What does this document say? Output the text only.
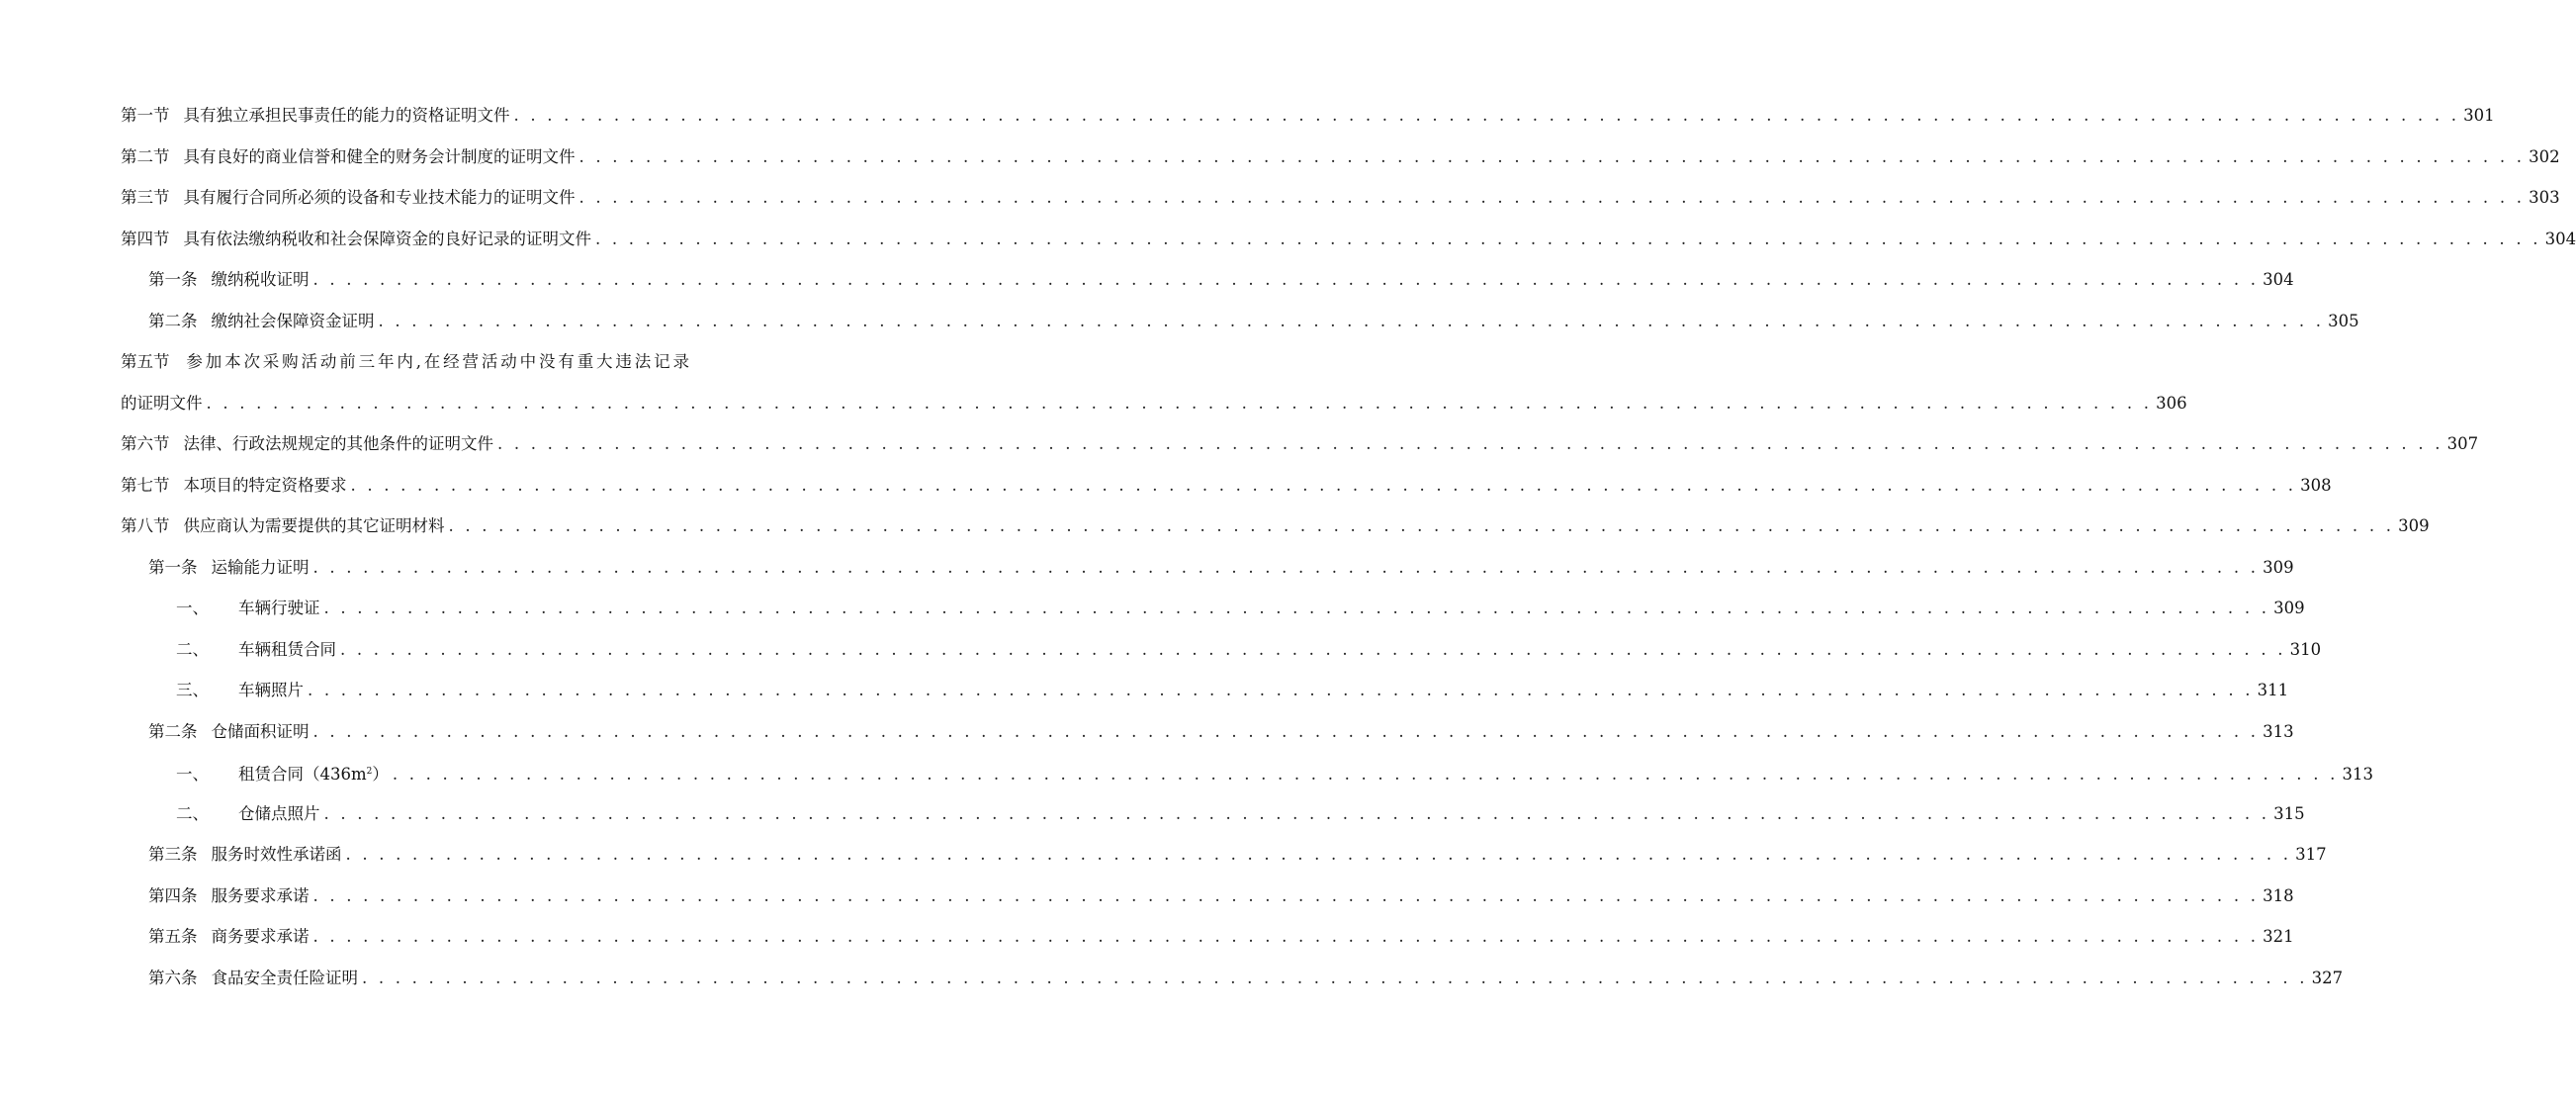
第一节 具有独立承担民事责任的能力的资格证明文件 . . . . . . . . . . . . . . . . . . . . . . . . . . . . . . . . . . . . . . . . . . . . . . . . . . . . . . . . . . . . . . . . . . . . . . . . . . . . . . . . . . . . . . . . . . . . . . . . . . . . . . . . . . . . . . . . . . . . . 301
第二节 具有良好的商业信誉和健全的财务会计制度的证明文件 . . . . . . . . . . . . . . . . . . . . . . . . . . . . . . . . . . . . . . . . . . . . . . . . . . . . . . . . . . . . . . . . . . . . . . . . . . . . . . . . . . . . . . . . . . . . . . . . . . . . . . . . . . . . . . . . . . . . . 302
第三节 具有履行合同所必须的设备和专业技术能力的证明文件 . . . . . . . . . . . . . . . . . . . . . . . . . . . . . . . . . . . . . . . . . . . . . . . . . . . . . . . . . . . . . . . . . . . . . . . . . . . . . . . . . . . . . . . . . . . . . . . . . . . . . . . . . . . . . . . . . . . . . 303
第四节 具有依法缴纳税收和社会保障资金的良好记录的证明文件 . . . . . . . . . . . . . . . . . . . . . . . . . . . . . . . . . . . . . . . . . . . . . . . . . . . . . . . . . . . . . . . . . . . . . . . . . . . . . . . . . . . . . . . . . . . . . . . . . . . . . . . . . . . . . . . . . . . . . 304
第一条 缴纳税收证明 . . . . . . . . . . . . . . . . . . . . . . . . . . . . . . . . . . . . . . . . . . . . . . . . . . . . . . . . . . . . . . . . . . . . . . . . . . . . . . . . . . . . . . . . . . . . . . . . . . . . . . . . . . . . . . . . . . . . . 304
第二条 缴纳社会保障资金证明 . . . . . . . . . . . . . . . . . . . . . . . . . . . . . . . . . . . . . . . . . . . . . . . . . . . . . . . . . . . . . . . . . . . . . . . . . . . . . . . . . . . . . . . . . . . . . . . . . . . . . . . . . . . . . . . . . . . . . 305
第五节 参加本次采购活动前三年内,在经营活动中没有重大违法记录
的证明文件 . . . . . . . . . . . . . . . . . . . . . . . . . . . . . . . . . . . . . . . . . . . . . . . . . . . . . . . . . . . . . . . . . . . . . . . . . . . . . . . . . . . . . . . . . . . . . . . . . . . . . . . . . . . . . . . . . . . . . 306
第六节 法律、行政法规规定的其他条件的证明文件 . . . . . . . . . . . . . . . . . . . . . . . . . . . . . . . . . . . . . . . . . . . . . . . . . . . . . . . . . . . . . . . . . . . . . . . . . . . . . . . . . . . . . . . . . . . . . . . . . . . . . . . . . . . . . . . . . . . . . 307
第七节 本项目的特定资格要求 . . . . . . . . . . . . . . . . . . . . . . . . . . . . . . . . . . . . . . . . . . . . . . . . . . . . . . . . . . . . . . . . . . . . . . . . . . . . . . . . . . . . . . . . . . . . . . . . . . . . . . . . . . . . . . . . . . . . . 308
第八节 供应商认为需要提供的其它证明材料 . . . . . . . . . . . . . . . . . . . . . . . . . . . . . . . . . . . . . . . . . . . . . . . . . . . . . . . . . . . . . . . . . . . . . . . . . . . . . . . . . . . . . . . . . . . . . . . . . . . . . . . . . . . . . . . . . . . . . 309
第一条 运输能力证明 . . . . . . . . . . . . . . . . . . . . . . . . . . . . . . . . . . . . . . . . . . . . . . . . . . . . . . . . . . . . . . . . . . . . . . . . . . . . . . . . . . . . . . . . . . . . . . . . . . . . . . . . . . . . . . . . . . . . . 309
一、 车辆行驶证 . . . . . . . . . . . . . . . . . . . . . . . . . . . . . . . . . . . . . . . . . . . . . . . . . . . . . . . . . . . . . . . . . . . . . . . . . . . . . . . . . . . . . . . . . . . . . . . . . . . . . . . . . . . . . . . . . . . . . 309
二、 车辆租赁合同 . . . . . . . . . . . . . . . . . . . . . . . . . . . . . . . . . . . . . . . . . . . . . . . . . . . . . . . . . . . . . . . . . . . . . . . . . . . . . . . . . . . . . . . . . . . . . . . . . . . . . . . . . . . . . . . . . . . . . 310
三、 车辆照片 . . . . . . . . . . . . . . . . . . . . . . . . . . . . . . . . . . . . . . . . . . . . . . . . . . . . . . . . . . . . . . . . . . . . . . . . . . . . . . . . . . . . . . . . . . . . . . . . . . . . . . . . . . . . . . . . . . . . . 311
第二条 仓储面积证明 . . . . . . . . . . . . . . . . . . . . . . . . . . . . . . . . . . . . . . . . . . . . . . . . . . . . . . . . . . . . . . . . . . . . . . . . . . . . . . . . . . . . . . . . . . . . . . . . . . . . . . . . . . . . . . . . . . . . . 313
一、 租赁合同$(436m^2)$ . . . . . . . . . . . . . . . . . . . . . . . . . . . . . . . . . . . . . . . . . . . . . . . . . . . . . . . . . . . . . . . . . . . . . . . . . . . . . . . . . . . . . . . . . . . . . . . . . . . . . . . . . . . . . . . . . . . . . 313
二、 仓储点照片 . . . . . . . . . . . . . . . . . . . . . . . . . . . . . . . . . . . . . . . . . . . . . . . . . . . . . . . . . . . . . . . . . . . . . . . . . . . . . . . . . . . . . . . . . . . . . . . . . . . . . . . . . . . . . . . . . . . . . 315
第三条 服务时效性承诺函 . . . . . . . . . . . . . . . . . . . . . . . . . . . . . . . . . . . . . . . . . . . . . . . . . . . . . . . . . . . . . . . . . . . . . . . . . . . . . . . . . . . . . . . . . . . . . . . . . . . . . . . . . . . . . . . . . . . . . 317
第四条 服务要求承诺 . . . . . . . . . . . . . . . . . . . . . . . . . . . . . . . . . . . . . . . . . . . . . . . . . . . . . . . . . . . . . . . . . . . . . . . . . . . . . . . . . . . . . . . . . . . . . . . . . . . . . . . . . . . . . . . . . . . . . 318
第五条 商务要求承诺 . . . . . . . . . . . . . . . . . . . . . . . . . . . . . . . . . . . . . . . . . . . . . . . . . . . . . . . . . . . . . . . . . . . . . . . . . . . . . . . . . . . . . . . . . . . . . . . . . . . . . . . . . . . . . . . . . . . . . 321
第六条 食品安全责任险证明 . . . . . . . . . . . . . . . . . . . . . . . . . . . . . . . . . . . . . . . . . . . . . . . . . . . . . . . . . . . . . . . . . . . . . . . . . . . . . . . . . . . . . . . . . . . . . . . . . . . . . . . . . . . . . . . . . . . . . 327
